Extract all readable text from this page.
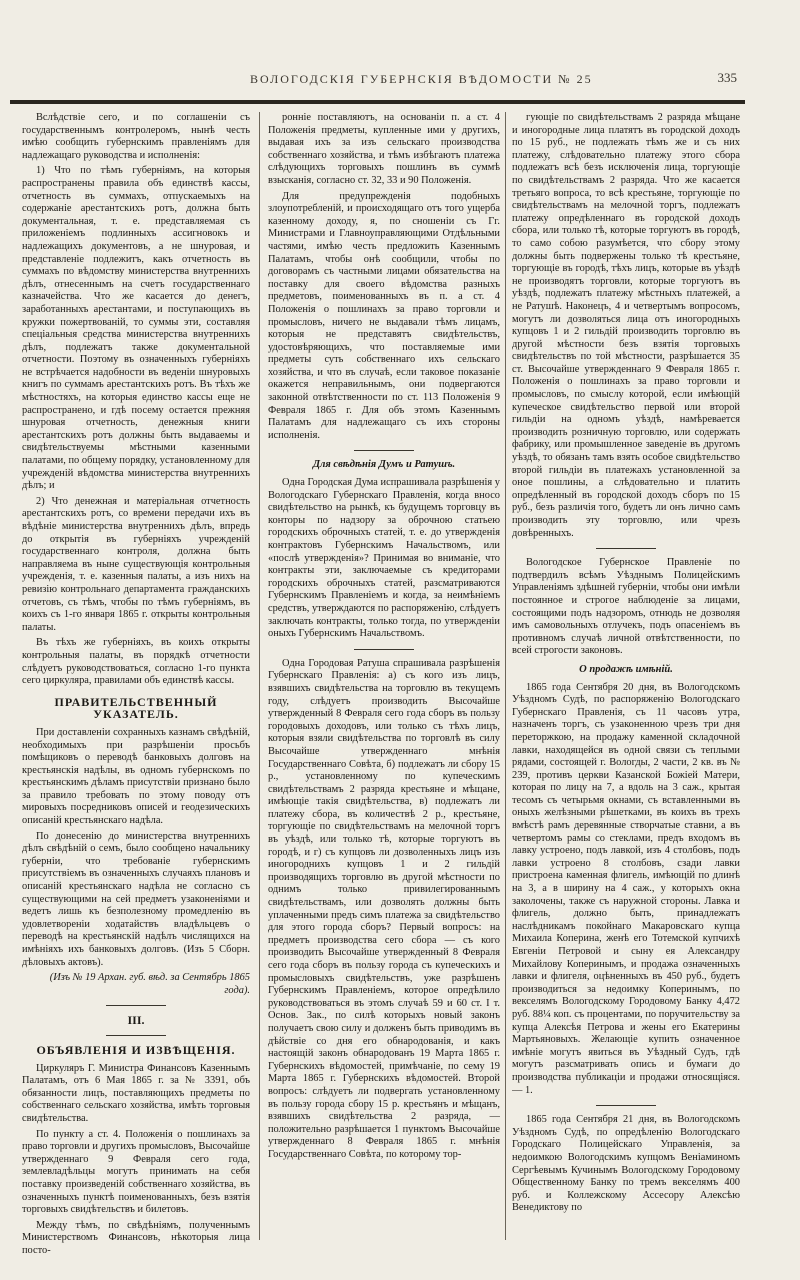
ВОЛОГОДСКІЯ ГУБЕРНСКІЯ ВѢДОМОСТИ № 25	335

Вслѣдствіе сего, и по соглашеніи съ государственнымъ контролеромъ, нынѣ честь имѣю сообщить губернскимъ правленіямъ для надлежащаго руководства и исполненія:

1) Что по тѣмъ губерніямъ, на которыя распространены правила объ единствѣ кассы, отчетность въ суммахъ, отпускаемыхъ на содержаніе арестантскихъ ротъ, должна быть документальная, т. е. представляемая съ приложеніемъ подлинныхъ ассигновокъ и надлежащихъ документовъ, а не шнуровая, и представленіе подлежитъ, какъ отчетность въ суммахъ по вѣдомству министерства внутреннихъ дѣлъ, отнесеннымъ на счетъ государственнаго казначейства. Что же касается до денегъ, заработанныхъ арестантами, и поступающихъ въ кружки пожертвованій, то суммы эти, составляя спеціальныя средства министерства внутреннихъ дѣлъ, подлежатъ также документальной отчетности. Поэтому въ означенныхъ губерніяхъ не встрѣчается надобности въ веденіи шнуровыхъ книгъ по суммамъ арестантскихъ ротъ. Въ тѣхъ же мѣстностяхъ, на которыя единство кассы еще не распространено, и гдѣ посему остается прежняя шнуровая отчетность, денежныя книги арестантскихъ ротъ должны быть выдаваемы и свидѣтельствуемы мѣстными казенными палатами, по общему порядку, установленному для учрежденій вѣдомства министерства внутреннихъ дѣлъ; и

2) Что денежная и матеріальная отчетность арестантскихъ ротъ, со времени передачи ихъ въ вѣдѣніе министерства внутреннихъ дѣлъ, впредь до открытія въ губерніяхъ учрежденій государственнаго контроля, должна быть направляема въ ныне существующія контрольныя учрежденія, т. е. казенныя палаты, а изъ нихъ на ревизію контрольнаго департамента гражданскихъ отчетовъ, съ тѣмъ, чтобы по тѣмъ губерніямъ, въ коихъ съ 1-го января 1865 г. открыты контрольныя палаты.

Въ тѣхъ же губерніяхъ, въ коихъ открыты контрольныя палаты, въ порядкѣ отчетности слѣдуетъ руководствоваться, согласно 1-го пункта сего циркуляра, правилами объ единствѣ кассы.

ПРАВИТЕЛЬСТВЕННЫЙ УКАЗАТЕЛЬ.

При доставленіи сохранныхъ казнамъ свѣдѣній, необходимыхъ при разрѣшеніи просьбъ помѣщиковъ о переводѣ банковыхъ долговъ на крестьянскія надѣлы, въ одномъ губернскомъ по крестьянскимъ дѣламъ присутствіи признано было за правило требовать по этому поводу отъ мировыхъ посредниковъ описей и геодезическихъ описаній крестьянскаго надѣла.

По донесенію до министерства внутреннихъ дѣлъ свѣдѣній о семъ, было сообщено начальнику губерніи, что требованіе губернскимъ присутствіемъ въ означенныхъ случаяхъ плановъ и описаній крестьянскаго надѣла не согласно съ существующими на сей предметъ узаконеніями и ведетъ лишь къ безполезному промедленію въ удовлетвореніи ходатайствъ владѣльцевъ о переводѣ на крестьянскій надѣлъ числящихся на имѣніяхъ ихъ банковыхъ долговъ. (Изъ 5 Сборн. дѣловыхъ актовъ).

(Изъ № 19 Архан. губ. вѣд. за Сентябрь 1865 года).
III.
ОБЪЯВЛЕНІЯ И ИЗВѢЩЕНІЯ.

Циркуляръ Г. Министра Финансовъ Казеннымъ Палатамъ, отъ 6 Мая 1865 г. за № 3391, объ обязанности лицъ, поставляющихъ предметы по собственнаго сельскаго хозяйства, имѣть торговыя свидѣтельства.

По пункту а ст. 4. Положенія о пошлинахъ за право торговли и другихъ промысловъ, Высочайше утвержденнаго 9 Февраля сего года, землевладѣльцы могутъ принимать на себя поставку произведеній собственнаго хозяйства, въ означенныхъ пунктѣ поименованныхъ, безъ взятія торговыхъ свидѣтельствъ и билетовъ.

Между тѣмъ, по свѣдѣніямъ, полученнымъ Министерствомъ Финансовъ, нѣкоторыя лица посто-

ронніе поставляютъ, на основаніи п. а ст. 4 Положенія предметы, купленные ими у другихъ, выдавая ихъ за изъ сельскаго производства собственнаго хозяйства, и тѣмъ избѣгаютъ платежа слѣдующихъ торговыхъ пошлинъ въ суммѣ взысканія, согласно ст. 32, 33 и 90 Положенія.

Для предупрежденія подобныхъ злоупотребленій, и происходящаго отъ того ущерба казенному доходу, я, по сношеніи съ Гг. Министрами и Главноуправляющими Отдѣльными частями, имѣю честь предложить Казеннымъ Палатамъ, чтобы онѣ сообщили, чтобы по договорамъ съ частными лицами обязательства на поставку для своего вѣдомства разныхъ предметовъ, поименованныхъ въ п. а ст. 4 Положенія о пошлинахъ за право торговли и промысловъ, ничего не выдавали тѣмъ лицамъ, которыя не представятъ свидѣтельствъ, удостовѣряющихъ, что поставляемые ими предметы суть собственнаго ихъ сельскаго хозяйства, и что въ случаѣ, если таковое показаніе окажется неправильнымъ, они подвергаются законной отвѣтственности по ст. 113 Положенія 9 Февраля 1865 г. Для объ этомъ Казеннымъ Палатамъ для надлежащаго съ ихъ стороны исполненія.

Для свѣдѣнія Думъ и Ратушъ.

Одна Городская Дума испрашивала разрѣшенія у Вологодскаго Губернскаго Правленія, когда вносо свидѣтельство на рынкѣ, къ будущемъ торговцу въ конторы по надзору за оброчною статьею городскихъ оброчныхъ статей, т. е. до утвержденія контрактовъ Губернскимъ Начальствомъ, или «послѣ утвержденія»? Принимая во вниманіе, что контракты эти, заключаемые съ кредиторами городскихъ оброчныхъ статей, разсматриваются Губернскимъ Правленіемъ и когда, за неимѣніемъ средствъ, утверждаются по распоряженію, слѣдуетъ заключать контракты, только тогда, по утвержденіи оныхъ Губернскимъ Начальствомъ.

Одна Городовая Ратуша спрашивала разрѣшенія Губернскаго Правленія: а) съ кого изъ лицъ, взявшихъ свидѣтельства на торговлю въ текущемъ году, слѣдуетъ производить Высочайше утвержденный 8 Февраля сего года сборъ въ пользу городовыхъ доходовъ, или только съ тѣхъ лицъ, которыя взяли свидѣтельства по торговлѣ въ силу Высочайше утвержденнаго мнѣнія Государственнаго Совѣта, б) подлежатъ ли сбору 15 р., установленному по купеческимъ свидѣтельствамъ 2 разряда крестьяне и мѣщане, имѣющіе такія свидѣтельства, в) подлежатъ ли платежу сбора, въ количествѣ 2 р., крестьяне, торгующіе по свидѣтельствамъ на мелочной торгъ въ уѣздѣ, или только тѣ, которые торгуютъ въ городѣ, и г) съ купцовъ ли дозволенныхъ лицъ изъ иногороднихъ купцовъ 1 и 2 гильдій производящихъ торговлю въ другой мѣстности по однимъ только привилегированнымъ свидѣтельствамъ, или дозволять должны быть уплаченными предъ симъ платежа за свидѣтельство для этого города сборъ? Первый вопросъ: на предметъ производства сего сбора — съ кого производить Высочайше утвержденный 8 Февраля сего года сборъ въ пользу города съ купеческихъ и промысловыхъ свидѣтельствъ, уже разрѣшенъ Губернскимъ Правленіемъ, которое опредѣлило руководствоваться въ этомъ случаѣ 59 и 60 ст. I т. Основ. Зак., по силѣ которыхъ новый законъ получаетъ свою силу и долженъ быть приводимъ въ дѣйствіе со дня его обнародованія, и какъ настоящій законъ обнародованъ 19 Марта 1865 г. Губернскихъ вѣдомостей, примѣчаніе, по сему 19 Марта 1865 г. Губернскихъ вѣдомостей. Второй вопросъ: слѣдуетъ ли подвергать установленному въ пользу города сбору 15 р. крестьянъ и мѣщанъ, взявшихъ свидѣтельства 2 разряда, — положительно разрѣшается 1 пунктомъ Высочайше утвержденнаго 8 Февраля 1865 г. мнѣнія Государственнаго Совѣта, по которому тор-

гующіе по свидѣтельствамъ 2 разряда мѣщане и иногородные лица платятъ въ городской доходъ по 15 руб., не подлежать тѣмъ же и съ них платежу, слѣдовательно платежу этого сбора подлежатъ всѣ безъ исключенія лица, торгующіе по свидѣтельствамъ 2 разряда. Что же касается третьяго вопроса, то всѣ крестьяне, торгующіе по свидѣтельствамъ на мелочной торгъ, подлежатъ платежу опредѣленнаго въ городской доходъ сбора, или только тѣ, которые торгуютъ въ городѣ, то само собою разумѣется, что сбору этому должны быть подвержены только тѣ крестьяне, торгующіе въ городѣ, тѣхъ лицъ, которые въ уѣздѣ не производятъ торговли, которые торгуютъ въ уѣздѣ, подлежатъ платежу мѣстныхъ платежей, а не Ратушѣ. Наконецъ, 4 и четвертымъ вопросомъ, могутъ ли дозволяться лица отъ иногородныхъ купцовъ 1 и 2 гильдій производить торговлю въ другой мѣстности безъ взятія торговыхъ свидѣтельствъ по той мѣстности, разрѣшается 35 ст. Высочайше утвержденнаго 9 Февраля 1865 г. Положенія о пошлинахъ за право торговли и промысловъ, по смыслу которой, если имѣющій купеческое свидѣтельство первой или второй гильдіи на одномъ уѣздѣ, намѣревается производить розничную торговлю, или содержать фабрику, или промышленное заведеніе въ другомъ уѣздѣ, то обязанъ тамъ взять особое свидѣтельство второй гильдіи въ платежахъ установленной за оное пошлины, а слѣдовательно и платить опредѣленный въ городской доходъ сборъ по 15 руб., безъ различія того, будетъ ли онъ лично самъ производить эту торговлю, или чрезъ довѣренныхъ.

Вологодское Губернское Правленіе по подтвердилъ всѣмъ Уѣзднымъ Полицейскимъ Управленіямъ здѣшней губерніи, чтобы они имѣли постоянное и строгое наблюденіе за лицами, состоящими подъ надзоромъ, отнюдь не дозволяя имъ самовольныхъ отлучекъ, подъ опасеніемъ въ противномъ случаѣ личной отвѣтственности, по всей строгости законовъ.

О продажѣ имѣній.

1865 года Сентября 20 дня, въ Вологодскомъ Уѣздномъ Судѣ, по распоряженію Вологодскаго Губернскаго Правленія, съ 11 часовъ утра, назначенъ торгъ, съ узаконенною чрезъ три дня переторжкою, на продажу каменной складочной лавки, находящейся въ одной связи съ теплыми рядами, состоящей г. Вологды, 2 части, 2 кв. въ № 239, противъ церкви Казанской Божіей Матери, которая по лицу на 7, а вдоль на 3 саж., крытая тесомъ съ четырьмя окнами, съ вставленными въ оныхъ желѣзными рѣшетками, въ коихъ въ трехъ вмѣстѣ рамъ деревянные створчатые ставни, а въ четвертомъ рамы со стеклами, предъ входомъ въ лавку устроено, подъ лавкой, изъ 4 столбовъ, подъ лавки устроено 8 столбовъ, сзади лавки пристроена каменная флигель, имѣющій по длинѣ на 3, а в ширину на 4 саж., у которыхъ окна заколочены, также съ наружной стороны. Лавка и флигель, должно быть, принадлежатъ наслѣдникамъ покойнаго Макаровскаго купца Михаила Коперина, женѣ его Тотемской купчихѣ Евгеніи Петровой и сыну ея Александру Михайлову Коперинымъ, и продажа означенныхъ лавки и флигеля, оцѣненныхъ въ 450 руб., будетъ производиться за недоимку Коперинымъ, по векселямъ Вологодскому Городовому Банку 4,472 руб. 88¼ коп. съ процентами, по поручительству за купца Алексѣя Петрова и жены его Екатерины Мартьяновыхъ. Желающіе купить означенное имѣніе могутъ явиться въ Уѣздный Судъ, гдѣ могутъ разсматривать опись и бумаги до производства публикаціи и продажи относящіяся.— 1.

1865 года Сентября 21 дня, въ Вологодскомъ Уѣздномъ Судѣ, по опредѣленію Вологодскаго Городскаго Полицейскаго Управленія, за недоимкою Вологодскимъ купцомъ Веніаминомъ Сергѣевымъ Кучинымъ Вологодскому Городовому Общественному Банку по тремъ векселямъ 400 руб. и Коллежскому Ассесору Алексѣю Венедиктову по
